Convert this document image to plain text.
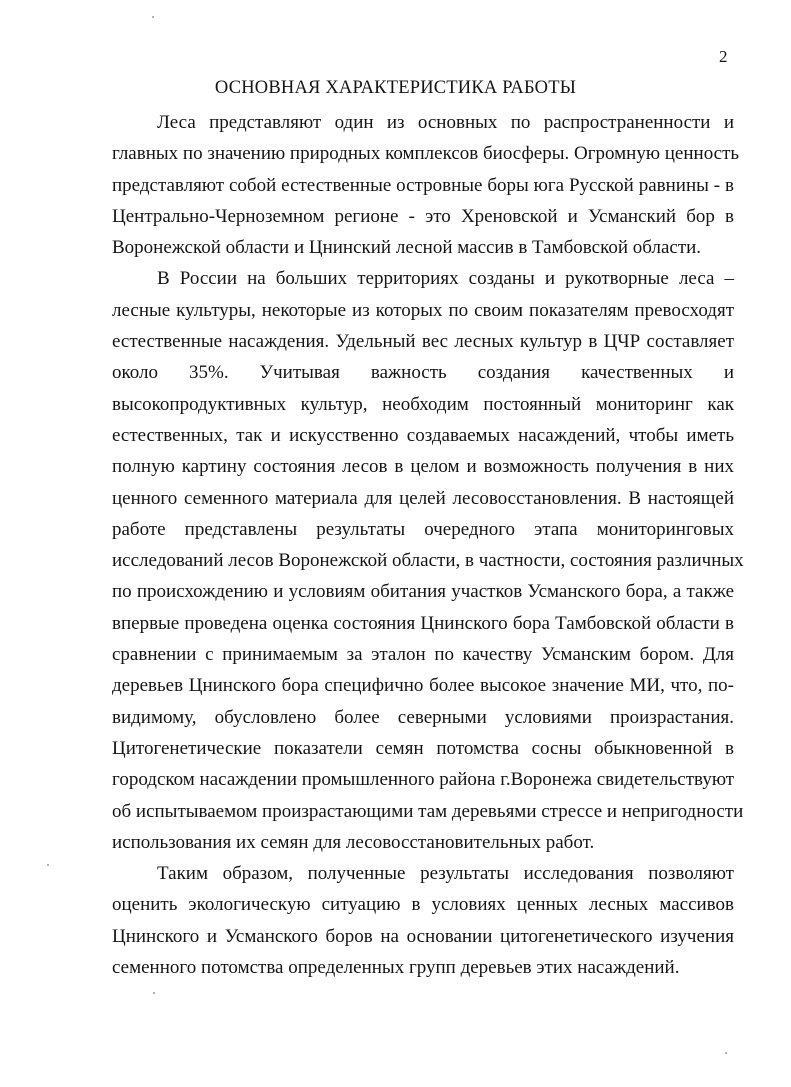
2
ОСНОВНАЯ ХАРАКТЕРИСТИКА РАБОТЫ
Леса представляют один из основных по распространенности и
главных по значению природных комплексов биосферы. Огромную ценность
представляют собой естественные островные боры юга Русской равнины - в
Центрально-Черноземном регионе - это Хреновской и Усманский бор в
Воронежской области и Цнинский лесной массив в Тамбовской области.
В России на больших территориях созданы и рукотворные леса –
лесные культуры, некоторые из которых по своим показателям превосходят
естественные насаждения. Удельный вес лесных культур в ЦЧР составляет
около 35%. Учитывая важность создания качественных и
высокопродуктивных культур, необходим постоянный мониторинг как
естественных, так и искусственно создаваемых насаждений, чтобы иметь
полную картину состояния лесов в целом и возможность получения в них
ценного семенного материала для целей лесовосстановления. В настоящей
работе представлены результаты очередного этапа мониторинговых
исследований лесов Воронежской области, в частности, состояния различных
по происхождению и условиям обитания участков Усманского бора, а также
впервые проведена оценка состояния Цнинского бора Тамбовской области в
сравнении с принимаемым за эталон по качеству Усманским бором. Для
деревьев Цнинского бора специфично более высокое значение МИ, что, по-
видимому, обусловлено более северными условиями произрастания.
Цитогенетические показатели семян потомства сосны обыкновенной в
городском насаждении промышленного района г.Воронежа свидетельствуют
об испытываемом произрастающими там деревьями стрессе и непригодности
использования их семян для лесовосстановительных работ.
Таким образом, полученные результаты исследования позволяют
оценить экологическую ситуацию в условиях ценных лесных массивов
Цнинского и Усманского боров на основании цитогенетического изучения
семенного потомства определенных групп деревьев этих насаждений.
